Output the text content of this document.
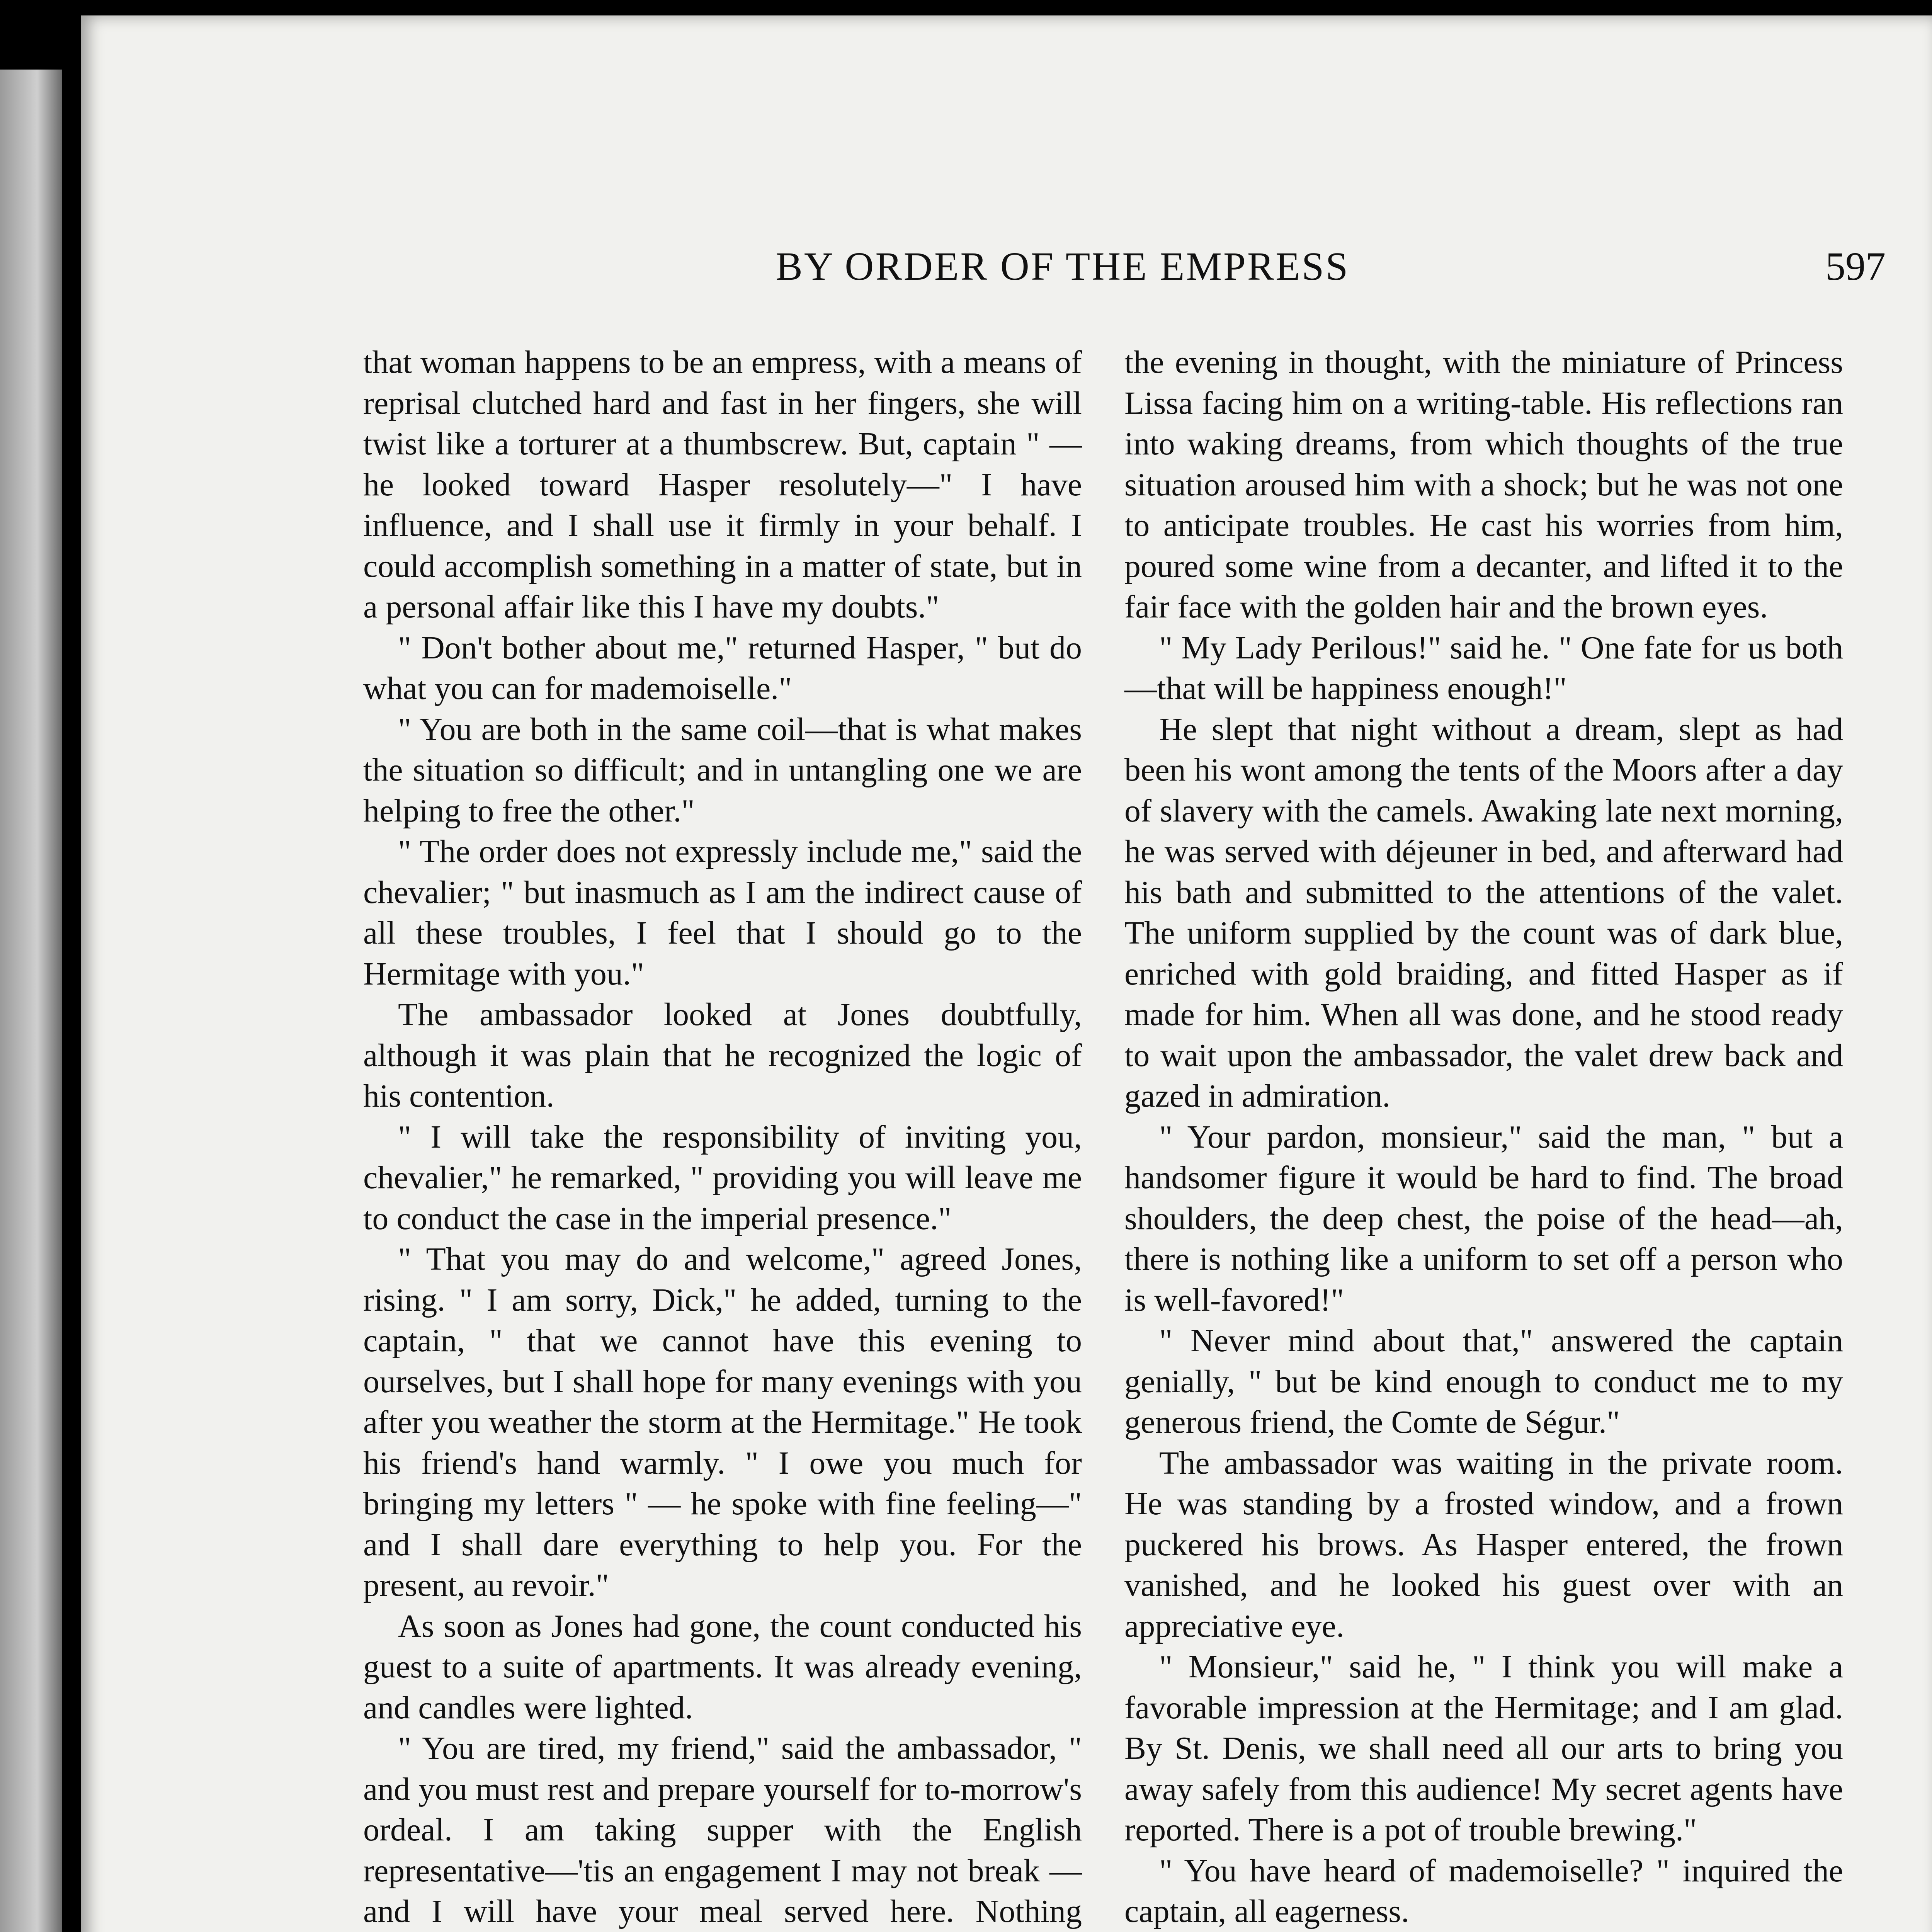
BY ORDER OF THE EMPRESS	597

that woman happens to be an empress, with a means of reprisal clutched hard and fast in her fingers, she will twist like a torturer at a thumbscrew. But, captain " — he looked toward Hasper resolutely—" I have influence, and I shall use it firmly in your behalf. I could accomplish something in a matter of state, but in a personal affair like this I have my doubts."

" Don't bother about me," returned Hasper, " but do what you can for mademoiselle."

" You are both in the same coil—that is what makes the situation so difficult; and in untangling one we are helping to free the other."

" The order does not expressly include me," said the chevalier; " but inasmuch as I am the indirect cause of all these troubles, I feel that I should go to the Hermitage with you."

The ambassador looked at Jones doubtfully, although it was plain that he recognized the logic of his contention.

" I will take the responsibility of inviting you, chevalier," he remarked, " providing you will leave me to conduct the case in the imperial presence."

" That you may do and welcome," agreed Jones, rising. " I am sorry, Dick," he added, turning to the captain, " that we cannot have this evening to ourselves, but I shall hope for many evenings with you after you weather the storm at the Hermitage." He took his friend's hand warmly. " I owe you much for bringing my letters " — he spoke with fine feeling—" and I shall dare everything to help you. For the present, au revoir."

As soon as Jones had gone, the count conducted his guest to a suite of apartments. It was already evening, and candles were lighted.

" You are tired, my friend," said the ambassador, " and you must rest and prepare yourself for to-morrow's ordeal. I am taking supper with the English representative—'tis an engagement I may not break —and I will have your meal served here. Nothing

the evening in thought, with the miniature of Princess Lissa facing him on a writing-table. His reflections ran into waking dreams, from which thoughts of the true situation aroused him with a shock; but he was not one to anticipate troubles. He cast his worries from him, poured some wine from a decanter, and lifted it to the fair face with the golden hair and the brown eyes.

" My Lady Perilous!" said he. " One fate for us both—that will be happiness enough!"

He slept that night without a dream, slept as had been his wont among the tents of the Moors after a day of slavery with the camels. Awaking late next morning, he was served with déjeuner in bed, and afterward had his bath and submitted to the attentions of the valet. The uniform supplied by the count was of dark blue, enriched with gold braiding, and fitted Hasper as if made for him. When all was done, and he stood ready to wait upon the ambassador, the valet drew back and gazed in admiration.

" Your pardon, monsieur," said the man, " but a handsomer figure it would be hard to find. The broad shoulders, the deep chest, the poise of the head—ah, there is nothing like a uniform to set off a person who is well-favored!"

" Never mind about that," answered the captain genially, " but be kind enough to conduct me to my generous friend, the Comte de Ségur."

The ambassador was waiting in the private room. He was standing by a frosted window, and a frown puckered his brows. As Hasper entered, the frown vanished, and he looked his guest over with an appreciative eye.

" Monsieur," said he, " I think you will make a favorable impression at the Hermitage; and I am glad. By St. Denis, we shall need all our arts to bring you away safely from this audience! My secret agents have reported. There is a pot of trouble brewing."

" You have heard of mademoiselle? " inquired the captain, all eagerness.
